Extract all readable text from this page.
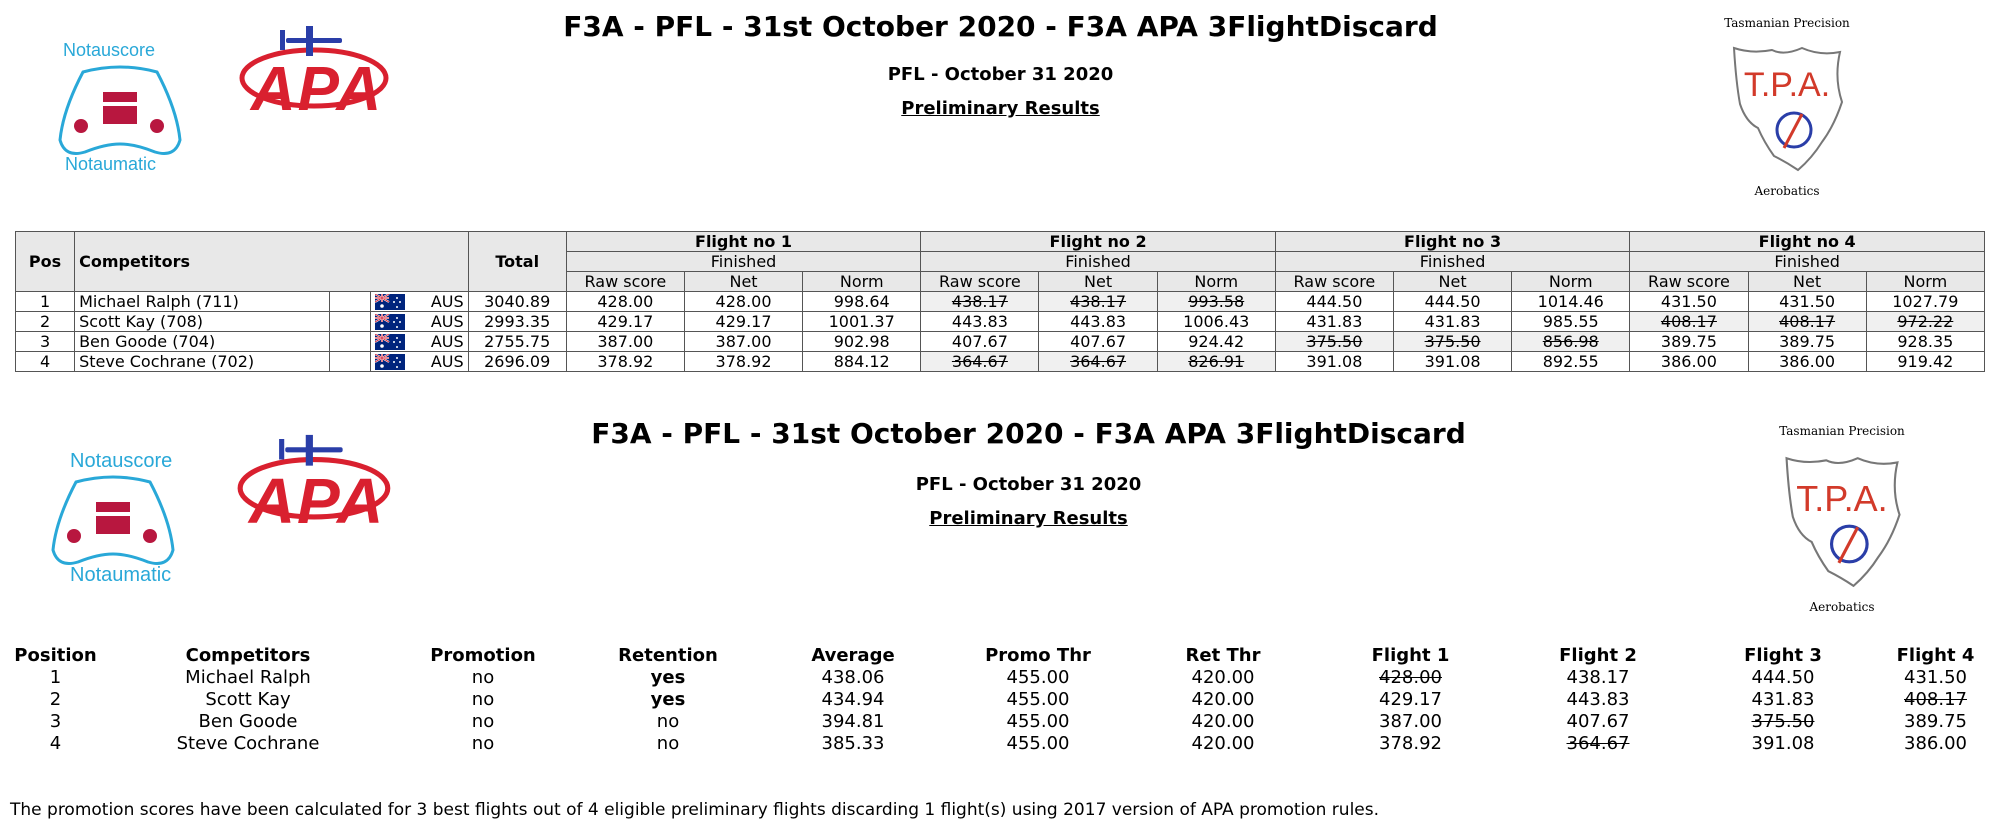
F3A - PFL - 31st October 2020 - F3A APA 3FlightDiscard
PFL - October 31 2020
Preliminary Results
Notauscore
Notaumatic
APA
Tasmanian Precision
T.P.A.
Aerobatics
Pos	Competitors			Total	Flight no 1			Flight no 2			Flight no 3			Flight no 4		
					Finished			Finished			Finished			Finished		
					Raw score	Net	Norm	Raw score	Net	Norm	Raw score	Net	Norm	Raw score	Net	Norm
1	Michael Ralph (711)		AUS	3040.89	428.00	428.00	998.64	438.17	438.17	993.58	444.50	444.50	1014.46	431.50	431.50	1027.79
2	Scott Kay (708)		AUS	2993.35	429.17	429.17	1001.37	443.83	443.83	1006.43	431.83	431.83	985.55	408.17	408.17	972.22
3	Ben Goode (704)		AUS	2755.75	387.00	387.00	902.98	407.67	407.67	924.42	375.50	375.50	856.98	389.75	389.75	928.35
4	Steve Cochrane (702)		AUS	2696.09	378.92	378.92	884.12	364.67	364.67	826.91	391.08	391.08	892.55	386.00	386.00	919.42
F3A - PFL - 31st October 2020 - F3A APA 3FlightDiscard
PFL - October 31 2020
Preliminary Results
Notauscore
Notaumatic
APA
Tasmanian Precision
T.P.A.
Aerobatics
Position	Competitors	Promotion	Retention	Average	Promo Thr	Ret Thr	Flight 1	Flight 2	Flight 3	Flight 4
1	Michael Ralph	no	yes	438.06	455.00	420.00	428.00	438.17	444.50	431.50
2	Scott Kay	no	yes	434.94	455.00	420.00	429.17	443.83	431.83	408.17
3	Ben Goode	no	no	394.81	455.00	420.00	387.00	407.67	375.50	389.75
4	Steve Cochrane	no	no	385.33	455.00	420.00	378.92	364.67	391.08	386.00
The promotion scores have been calculated for 3 best flights out of 4 eligible preliminary flights discarding 1 flight(s) using 2017 version of APA promotion rules.
